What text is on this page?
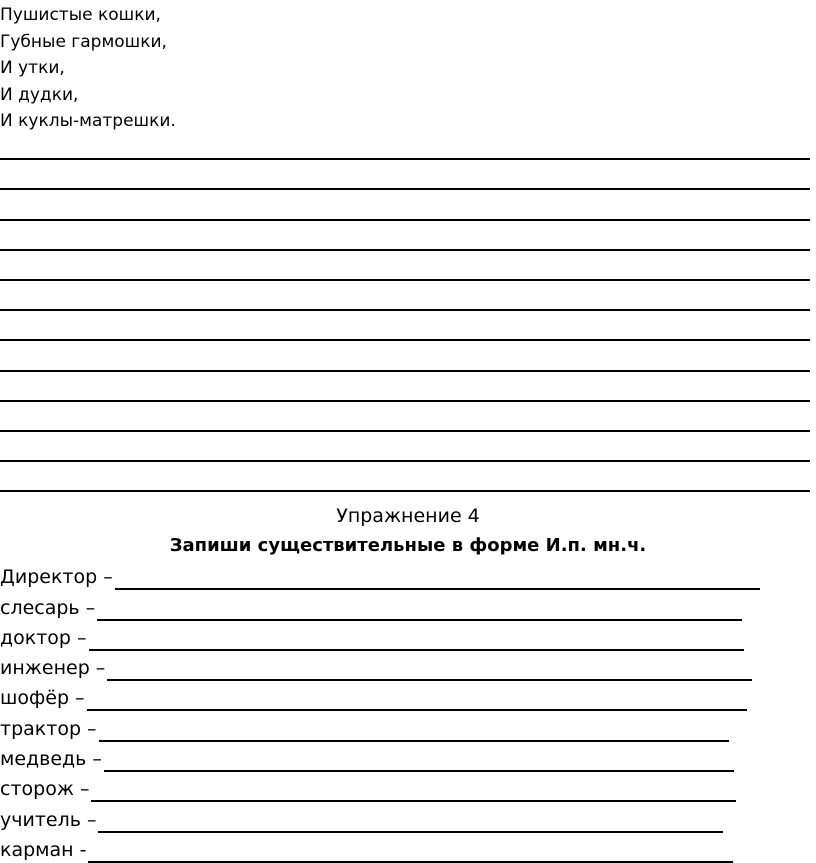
Пушистые кошки,
Губные гармошки,
И утки,
И дудки,
И куклы-матрешки.
Упражнение 4
Запиши существительные в форме И.п. мн.ч.
Директор –
слесарь –
доктор –
инженер –
шофёр –
трактор –
медведь –
сторож –
учитель –
карман -
